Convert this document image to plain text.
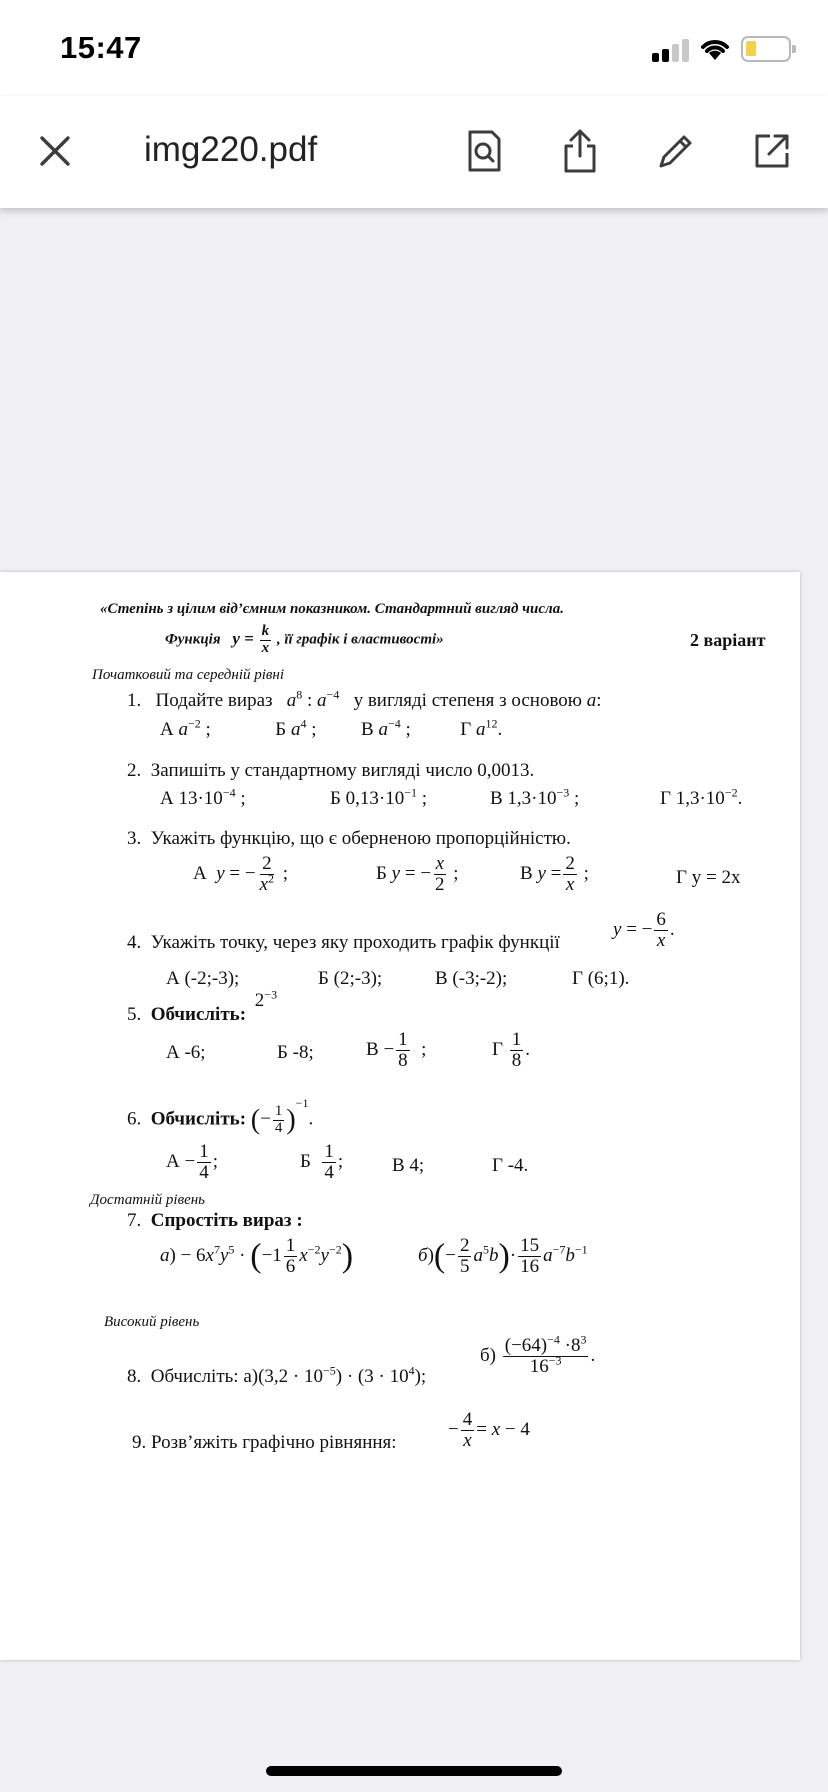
15:47
img220.pdf
«Степінь з цілим від’ємним показником. Стандартний вигляд числа.
Функція $y = \frac{k}{x}$ , її графік і властивості»	2 варіант
Початковий та середній рівні
1. Подайте вираз $a^8$ : $a^{-4}$ у вигляді степеня з основою a:
А $a^{-2}$ ;	Б $a^4$ ;  В $a^{-4}$ ;  Г $a^{12}$.
2. Запишіть у стандартному вигляді число 0,0013.
А $13\cdot 10^{-4}$ ;	Б $0,13\cdot 10^{-1}$ ;	В $1,3\cdot 10^{-3}$ ;	Г $1,3\cdot 10^{-2}$.
3. Укажіть функцію, що є оберненою пропорційністю.
А  y = − $\frac{2}{x^2}$ ;	Б y = − $\frac{x}{2}$ ;	В $y = \frac{2}{x}$ ;	Г y = 2x
4. Укажіть точку, через яку проходить графік функції
y = − $\frac{6}{x}$ .
А (-2;-3);	Б (2;-3);	В (-3;-2);	Г (6;1).
5. Обчисліть: $2^{-3}$
А -6;	Б -8;	$В - \frac{1}{8}$ ;	Г $\frac{1}{8}$ .
6. Обчисліть: (− $\frac{1}{4} )^{-1}$.
$А - \frac{1}{4}$ ;	Б $\frac{1}{4}$ ;	В 4;	Г -4.
Достатній рівень
7. Спростіть вираз :
$а) - 6x^7y^5 \cdot (-1 \frac{1}{6} x^{-2}y^{-2})$	$б)(- \frac{2}{5} a^5b)\cdot \frac{15}{16} a^{-7}b^{-1}$
Високий рівень
8. Обчисліть: $а)(3,2 \cdot 10^{-5}) \cdot (3 \cdot 10^4)$;
$б) \frac{(-64)^{-4} \cdot 8^3}{16^{-3}}$ .
9. Розв’яжіть графічно рівняння:
− $\frac{4}{x} = x - 4$
